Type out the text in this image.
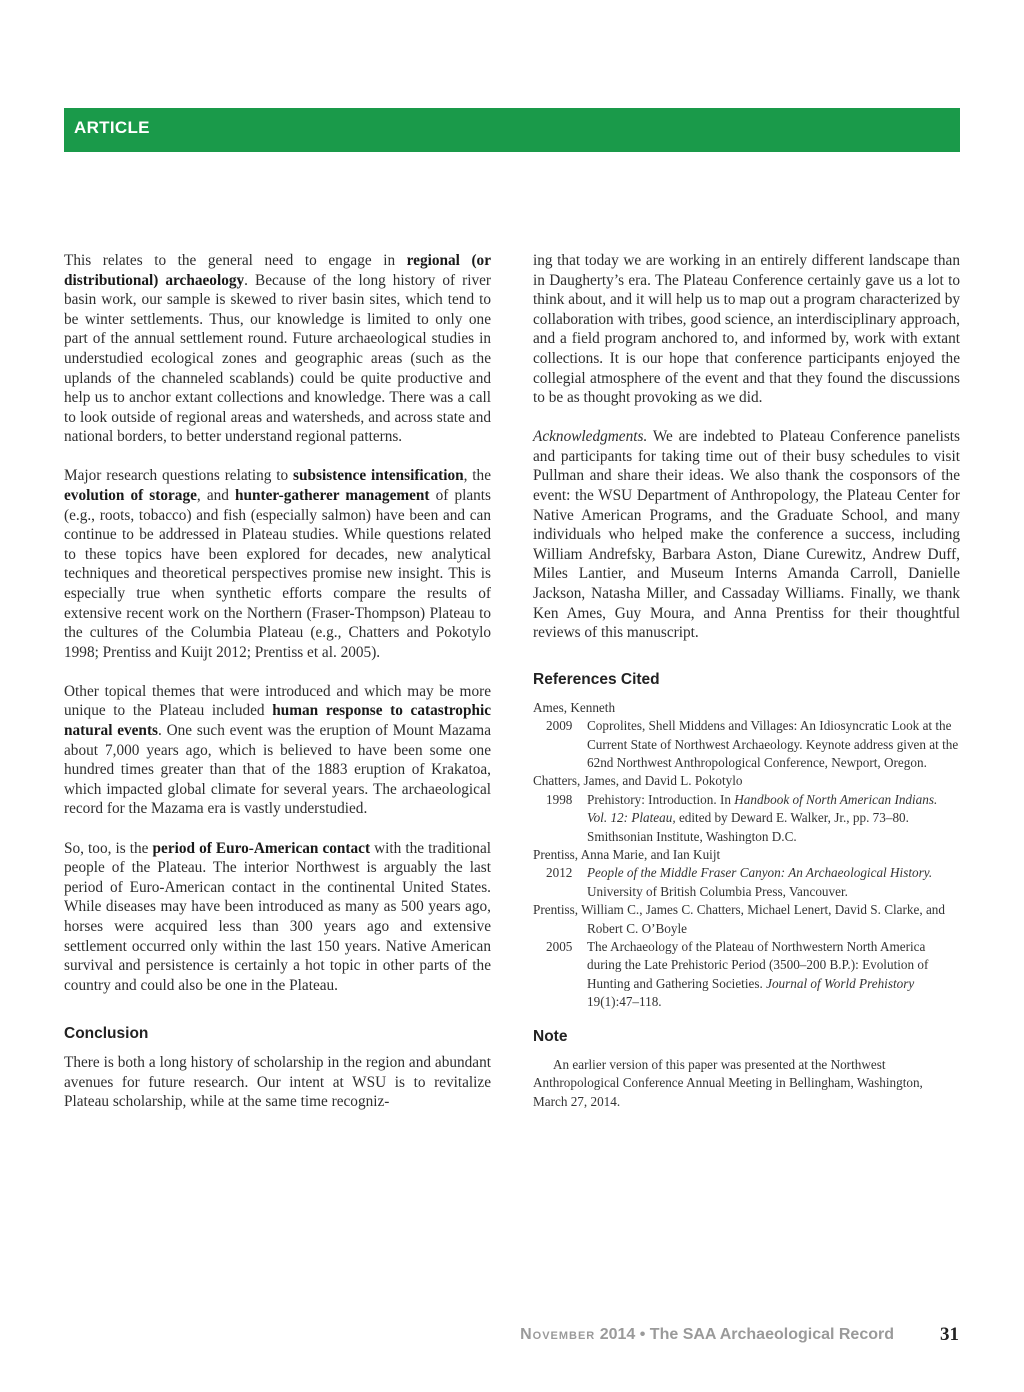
ARTICLE

This relates to the general need to engage in regional (or distributional) archaeology. Because of the long history of river basin work, our sample is skewed to river basin sites, which tend to be winter settlements. Thus, our knowledge is limited to only one part of the annual settlement round. Future archaeological studies in understudied ecological zones and geographic areas (such as the uplands of the channeled scablands) could be quite productive and help us to anchor extant collections and knowledge. There was a call to look outside of regional areas and watersheds, and across state and national borders, to better understand regional patterns.

Major research questions relating to subsistence intensification, the evolution of storage, and hunter-gatherer management of plants (e.g., roots, tobacco) and fish (especially salmon) have been and can continue to be addressed in Plateau studies. While questions related to these topics have been explored for decades, new analytical techniques and theoretical perspectives promise new insight. This is especially true when synthetic efforts compare the results of extensive recent work on the Northern (Fraser-Thompson) Plateau to the cultures of the Columbia Plateau (e.g., Chatters and Pokotylo 1998; Prentiss and Kuijt 2012; Prentiss et al. 2005).

Other topical themes that were introduced and which may be more unique to the Plateau included human response to catastrophic natural events. One such event was the eruption of Mount Mazama about 7,000 years ago, which is believed to have been some one hundred times greater than that of the 1883 eruption of Krakatoa, which impacted global climate for several years. The archaeological record for the Mazama era is vastly understudied.

So, too, is the period of Euro-American contact with the traditional people of the Plateau. The interior Northwest is arguably the last period of Euro-American contact in the continental United States. While diseases may have been introduced as many as 500 years ago, horses were acquired less than 300 years ago and extensive settlement occurred only within the last 150 years. Native American survival and persistence is certainly a hot topic in other parts of the country and could also be one in the Plateau.

Conclusion

There is both a long history of scholarship in the region and abundant avenues for future research. Our intent at WSU is to revitalize Plateau scholarship, while at the same time recogniz-

ing that today we are working in an entirely different landscape than in Daugherty’s era. The Plateau Conference certainly gave us a lot to think about, and it will help us to map out a program characterized by collaboration with tribes, good science, an interdisciplinary approach, and a field program anchored to, and informed by, work with extant collections. It is our hope that conference participants enjoyed the collegial atmosphere of the event and that they found the discussions to be as thought provoking as we did.

Acknowledgments. We are indebted to Plateau Conference panelists and participants for taking time out of their busy schedules to visit Pullman and share their ideas. We also thank the cosponsors of the event: the WSU Department of Anthropology, the Plateau Center for Native American Programs, and the Graduate School, and many individuals who helped make the conference a success, including William Andrefsky, Barbara Aston, Diane Curewitz, Andrew Duff, Miles Lantier, and Museum Interns Amanda Carroll, Danielle Jackson, Natasha Miller, and Cassaday Williams. Finally, we thank Ken Ames, Guy Moura, and Anna Prentiss for their thoughtful reviews of this manuscript.

References Cited

Ames, Kenneth

2009 Coprolites, Shell Middens and Villages: An Idiosyncratic Look at the Current State of Northwest Archaeology. Keynote address given at the 62nd Northwest Anthropological Conference, Newport, Oregon.

Chatters, James, and David L. Pokotylo

1998 Prehistory: Introduction. In Handbook of North American Indians. Vol. 12: Plateau, edited by Deward E. Walker, Jr., pp. 73–80. Smithsonian Institute, Washington D.C.

Prentiss, Anna Marie, and Ian Kuijt

2012 People of the Middle Fraser Canyon: An Archaeological History. University of British Columbia Press, Vancouver.

Prentiss, William C., James C. Chatters, Michael Lenert, David S. Clarke, and Robert C. O’Boyle

2005 The Archaeology of the Plateau of Northwestern North America during the Late Prehistoric Period (3500–200 B.P.): Evolution of Hunting and Gathering Societies. Journal of World Prehistory 19(1):47–118.

Note

An earlier version of this paper was presented at the Northwest Anthropological Conference Annual Meeting in Bellingham, Washington, March 27, 2014.

November 2014 • The SAA Archaeological Record 31
